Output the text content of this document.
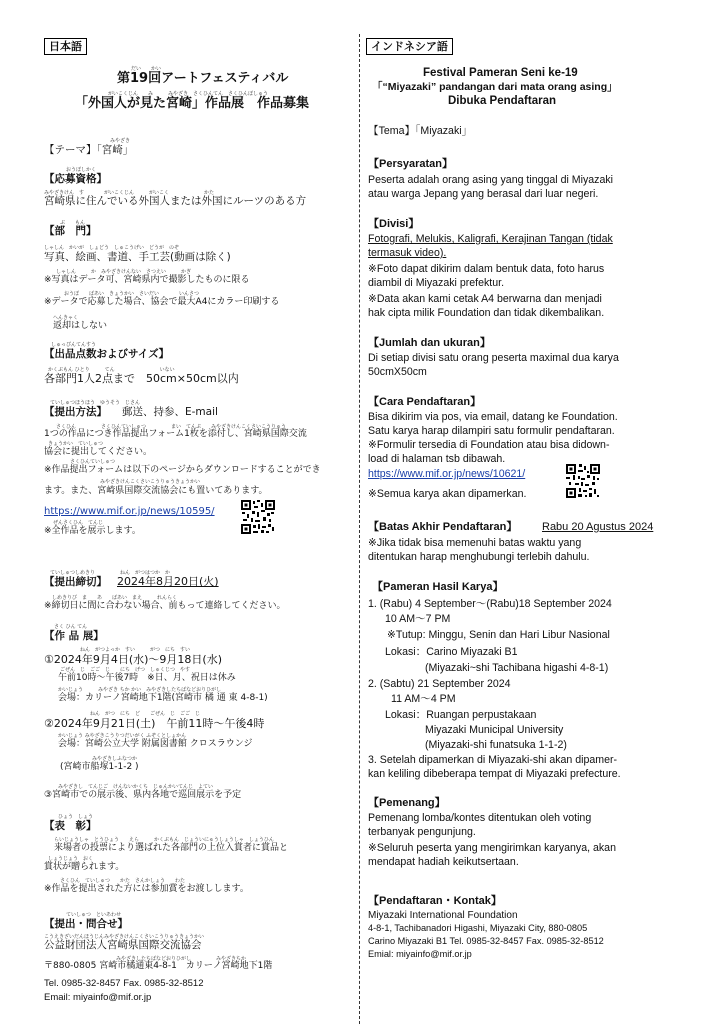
日本語
だい　　かい
第19回アートフェスティバル
がいこくじん　　み　　　みやざき　さくひんてん　さくひんぼしゅう
「外国人が見た宮崎」作品展　作品募集
みやざき
【テーマ】「宮崎」
おうぼしかく
【応募資格】
みやざきけん　す　　　　がいこくじん　　　がいこく　　　　　　　かた
宮崎県に住んでいる外国人または外国にルーツのある方
ぶ　　もん
【部　門】
しゃしん　かいが　しょどう　しゅこうげい　どうが　のぞ
写真、絵画、書道、手工芸(動画は除く)
しゃしん　　　か　みやざきけんない　さつえい　　　かぎ
※写真はデータ可、宮崎県内で撮影したものに限る
おうぼ　　ばあい　きょうかい　さいだい　　　　いんさつ
※データで応募した場合、協会で最大A4にカラー印刷する
へんきゃく
返却はしない
しゅっぴんてんすう
【出品点数およびサイズ】
かくぶもん ひとり　　　てん　　　　　　　　　いない
各部門1人2点まで　50cm×50cm以内
ていしゅつほうほう　ゆうそう　じさん
【提出方法】 郵送、持参、E-mail
さくひん　　　　　さくひんていしゅつ　　　　　まい　てんぷ　　みやざきけんこくさいこうりゅう
1つの作品につき作品提出フォーム1枚を添付し、宮崎県国際交流
きょうかい　ていしゅつ
協会に提出してください。
さくひんていしゅつ
※作品提出フォームは以下のページからダウンロードすることができ
みやざきけんこくさいこうりゅうきょうかい
ます。また、宮崎県国際交流協会にも置いてあります。
https://www.mif.or.jp/news/10595/
ぜんさくひん　てんじ
※全作品を展示します。
ていしゅつしめきり　　　　　ねん　がつはつか　か
【提出締切】 2024年8月20日(火)
しめきりび　ま　　あ　　ばあい　まえ　　　れんらく
※締切日に間に合わない場合、前もって連絡してください。
さく ひん てん
【作 品 展】
ねん　がつよっか　すい　　　がつ　にち　すい
①2024年9月4日(水)～9月18日(水)
ごぜん　じ　ごご　じ　　にち　げつ　しゅくじつ　やす
午前10時～午後7時　※日、月、祝日は休み
かいじょう　　　みやざき ちか かい　みやざきしたちばなどおりひがし
会場：カリーノ宮崎地下1階(宮崎市 橘 通 東 4-8-1)
ねん　がつ　にち　ど　　ごぜん　じ　ごご　じ
②2024年9月21日(土)　午前11時～午後4時
かいじょう みやざきこうりつだいがく ふぞくとしょかん
会場：宮崎公立大学 附属図書館 クロスラウンジ
みやざきしふなつか
(宮崎市船塚1-1-2 )
みやざきし　てんじご　けんないかくち　じゅんかいてんじ　よてい
③宮崎市での展示後、県内各地で巡回展示を予定
ひょう　しょう
【表　彰】
らいじょうしゃ　とうひょう　　えら　　　かくぶもん　じょういにゅうしょうしゃ　しょうひん
来場者の投票により選ばれた各部門の上位入賞者に賞品と
しょうじょう　おく
賞状が贈られます。
さくひん　ていしゅつ　　かた　さんかしょう　　わた
※作品を提出された方には参加賞をお渡しします。
ていしゅつ　といあわせ
【提出・問合せ】
こうえきざいだんほうじんみやざきけんこくさいこうりゅうきょうかい
公益財団法人宮崎県国際交流協会
みやざきしたちばなどおりひがし　　　　　みやざきちか
〒880-0805 宮崎市橘通東4-8-1　カリーノ宮崎地下1階
Tel. 0985-32-8457 Fax. 0985-32-8512
Email: miyainfo@mif.or.jp
インドネシア語
Festival Pameran Seni ke-19
「“Miyazaki” pandangan dari mata orang asing」
Dibuka Pendaftaran
【Tema】「Miyazaki」
【Persyaratan】
Peserta adalah orang asing yang tinggal di Miyazaki
atau warga Jepang yang berasal dari luar negeri.
【Divisi】
Fotografi, Melukis, Kaligrafi, Kerajinan Tangan (tidak
termasuk video).
※Foto dapat dikirim dalam bentuk data, foto harus
diambil di Miyazaki prefektur.
※Data akan kami cetak A4 berwarna dan menjadi
hak cipta milik Foundation dan tidak dikembalikan.
【Jumlah dan ukuran】
Di setiap divisi satu orang peserta maximal dua karya
50cmX50cm
【Cara Pendaftaran】
Bisa dikirim via pos, via email, datang ke Foundation.
Satu karya harap dilampiri satu formulir pendaftaran.
※Formulir tersedia di Foundation atau bisa didown-
load di halaman tsb dibawah.
https://www.mif.or.jp/news/10621/
※Semua karya akan dipamerkan.
【Batas Akhir Pendaftaran】 Rabu 20 Agustus 2024
※Jika tidak bisa memenuhi batas waktu yang
ditentukan harap menghubungi terlebih dahulu.
【Pameran Hasil Karya】
1. (Rabu) 4 September～(Rabu)18 September 2024
10 AM～7 PM
※Tutup: Minggu, Senin dan Hari Libur Nasional
Lokasi：Carino Miyazaki B1
(Miyazaki~shi Tachibana higashi 4-8-1)
2. (Sabtu) 21 September 2024
11 AM～4 PM
Lokasi：Ruangan perpustakaan
Miyazaki Municipal University
(Miyazaki-shi funatsuka 1-1-2)
3. Setelah dipamerkan di Miyazaki-shi akan dipamer-
kan keliling dibeberapa tempat di Miyazaki prefecture.
【Pemenang】
Pemenang lomba/kontes ditentukan oleh voting
terbanyak pengunjung.
※Seluruh peserta yang mengirimkan karyanya, akan
mendapat hadiah keikutsertaan.
【Pendaftaran・Kontak】
Miyazaki International Foundation
4-8-1, Tachibanadori Higashi, Miyazaki City, 880-0805
Carino Miyazaki B1 Tel. 0985-32-8457 Fax. 0985-32-8512
Emial: miyainfo@mif.or.jp
